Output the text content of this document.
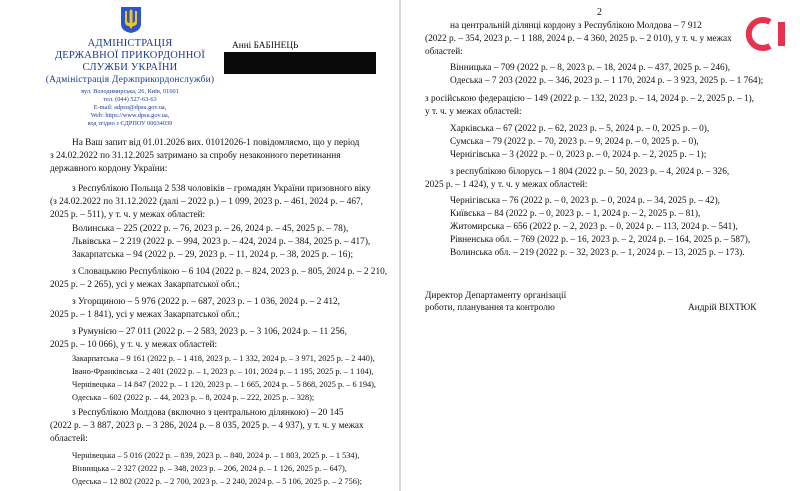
АДМІНІСТРАЦІЯ
ДЕРЖАВНОЇ ПРИКОРДОННОЇ
СЛУЖБИ УКРАЇНИ
(Адміністрація Держприкордонслужби)
вул. Володимирська, 26, Київ, 01601
тел. (044) 527-63-63
E-mail: adpsu@dpsu.gov.ua,
Web: https://www.dpsu.gov.ua,
код згідно з ЄДРПОУ 00034039
Анні БАБІНЕЦЬ
На Ваш запит від 01.01.2026 вих. 01012026-1 повідомляємо, що у період
з 24.02.2022 по 31.12.2025 затримано за спробу незаконного перетинання
державного кордону України:
з Республікою Польща 2 538 чоловіків – громадян України призовного віку
(з 24.02.2022 по 31.12.2022 (далі – 2022 р.) – 1 099, 2023 р. – 461, 2024 р. – 467,
2025 р. – 511), у т. ч. у межах областей:
Волинська – 225 (2022 р. – 76, 2023 р. – 26, 2024 р. – 45, 2025 р. – 78),
Львівська – 2 219 (2022 р. – 994, 2023 р. – 424, 2024 р. – 384, 2025 р. – 417),
Закарпатська – 94 (2022 р. – 29, 2023 р. – 11, 2024 р. – 38, 2025 р. – 16);
з Словацькою Республікою – 6 104 (2022 р. – 824, 2023 р. – 805, 2024 р. – 2 210,
2025 р. – 2 265), усі у межах Закарпатської обл.;
з Угорщиною – 5 976 (2022 р. – 687, 2023 р. – 1 036, 2024 р. – 2 412,
2025 р. – 1 841), усі у межах Закарпатської обл.;
з Румунією – 27 011 (2022 р. – 2 583, 2023 р. – 3 106, 2024 р. – 11 256,
2025 р. – 10 066), у т. ч. у межах областей:
Закарпатська – 9 161 (2022 р. – 1 418, 2023 р. – 1 332, 2024 р. – 3 971, 2025 р. – 2 440),
Івано-Франківська – 2 401 (2022 р. – 1, 2023 р. – 101, 2024 р. – 1 195, 2025 р. – 1 104),
Чернівецька – 14 847 (2022 р. – 1 120, 2023 р. – 1 665, 2024 р. – 5 868, 2025 р. – 6 194),
Одеська – 602 (2022 р. – 44, 2023 р. – 8, 2024 р. – 222, 2025 р. – 328);
з Республікою Молдова (включно з центральною ділянкою) – 20 145
(2022 р. – 3 887, 2023 р. – 3 286, 2024 р. – 8 035, 2025 р. – 4 937), у т. ч. у межах
областей:
Чернівецька – 5 016 (2022 р. – 839, 2023 р. – 840, 2024 р. – 1 803, 2025 р. – 1 534),
Вінницька – 2 327 (2022 р. – 348, 2023 р. – 206, 2024 р. – 1 126, 2025 р. – 647),
Одеська – 12 802 (2022 р. – 2 700, 2023 р. – 2 240, 2024 р. – 5 106, 2025 р. – 2 756);
2
на центральній ділянці кордону з Республікою Молдова – 7 912
(2022 р. – 354, 2023 р. – 1 188, 2024 р. – 4 360, 2025 р. – 2 010), у т. ч. у межах
областей:
Вінницька – 709 (2022 р. – 8, 2023 р. – 18, 2024 р. – 437, 2025 р. – 246),
Одеська – 7 203 (2022 р. – 346, 2023 р. – 1 170, 2024 р. – 3 923, 2025 р. – 1 764);
з російською федерацією – 149 (2022 р. – 132, 2023 р. – 14, 2024 р. – 2, 2025 р. – 1),
у т. ч. у межах областей:
Харківська – 67 (2022 р. – 62, 2023 р. – 5, 2024 р. – 0, 2025 р. – 0),
Сумська – 79 (2022 р. – 70, 2023 р. – 9, 2024 р. – 0, 2025 р. – 0),
Чернігівська – 3 (2022 р. – 0, 2023 р. – 0, 2024 р. – 2, 2025 р. – 1);
з республікою білорусь – 1 804 (2022 р. – 50, 2023 р. – 4, 2024 р. – 326,
2025 р. – 1 424), у т. ч. у межах областей:
Чернігівська – 76 (2022 р. – 0, 2023 р. – 0, 2024 р. – 34, 2025 р. – 42),
Київська – 84 (2022 р. – 0, 2023 р. – 1, 2024 р. – 2, 2025 р. – 81),
Житомирська – 656 (2022 р. – 2, 2023 р. – 0, 2024 р. – 113, 2024 р. – 541),
Рівненська обл. – 769 (2022 р. – 16, 2023 р. – 2, 2024 р. – 164, 2025 р. – 587),
Волинська обл. – 219 (2022 р. – 32, 2023 р. – 1, 2024 р. – 13, 2025 р. – 173).
Директор Департаменту організації
роботи, планування та контролю	Андрій ВІХТЮК
